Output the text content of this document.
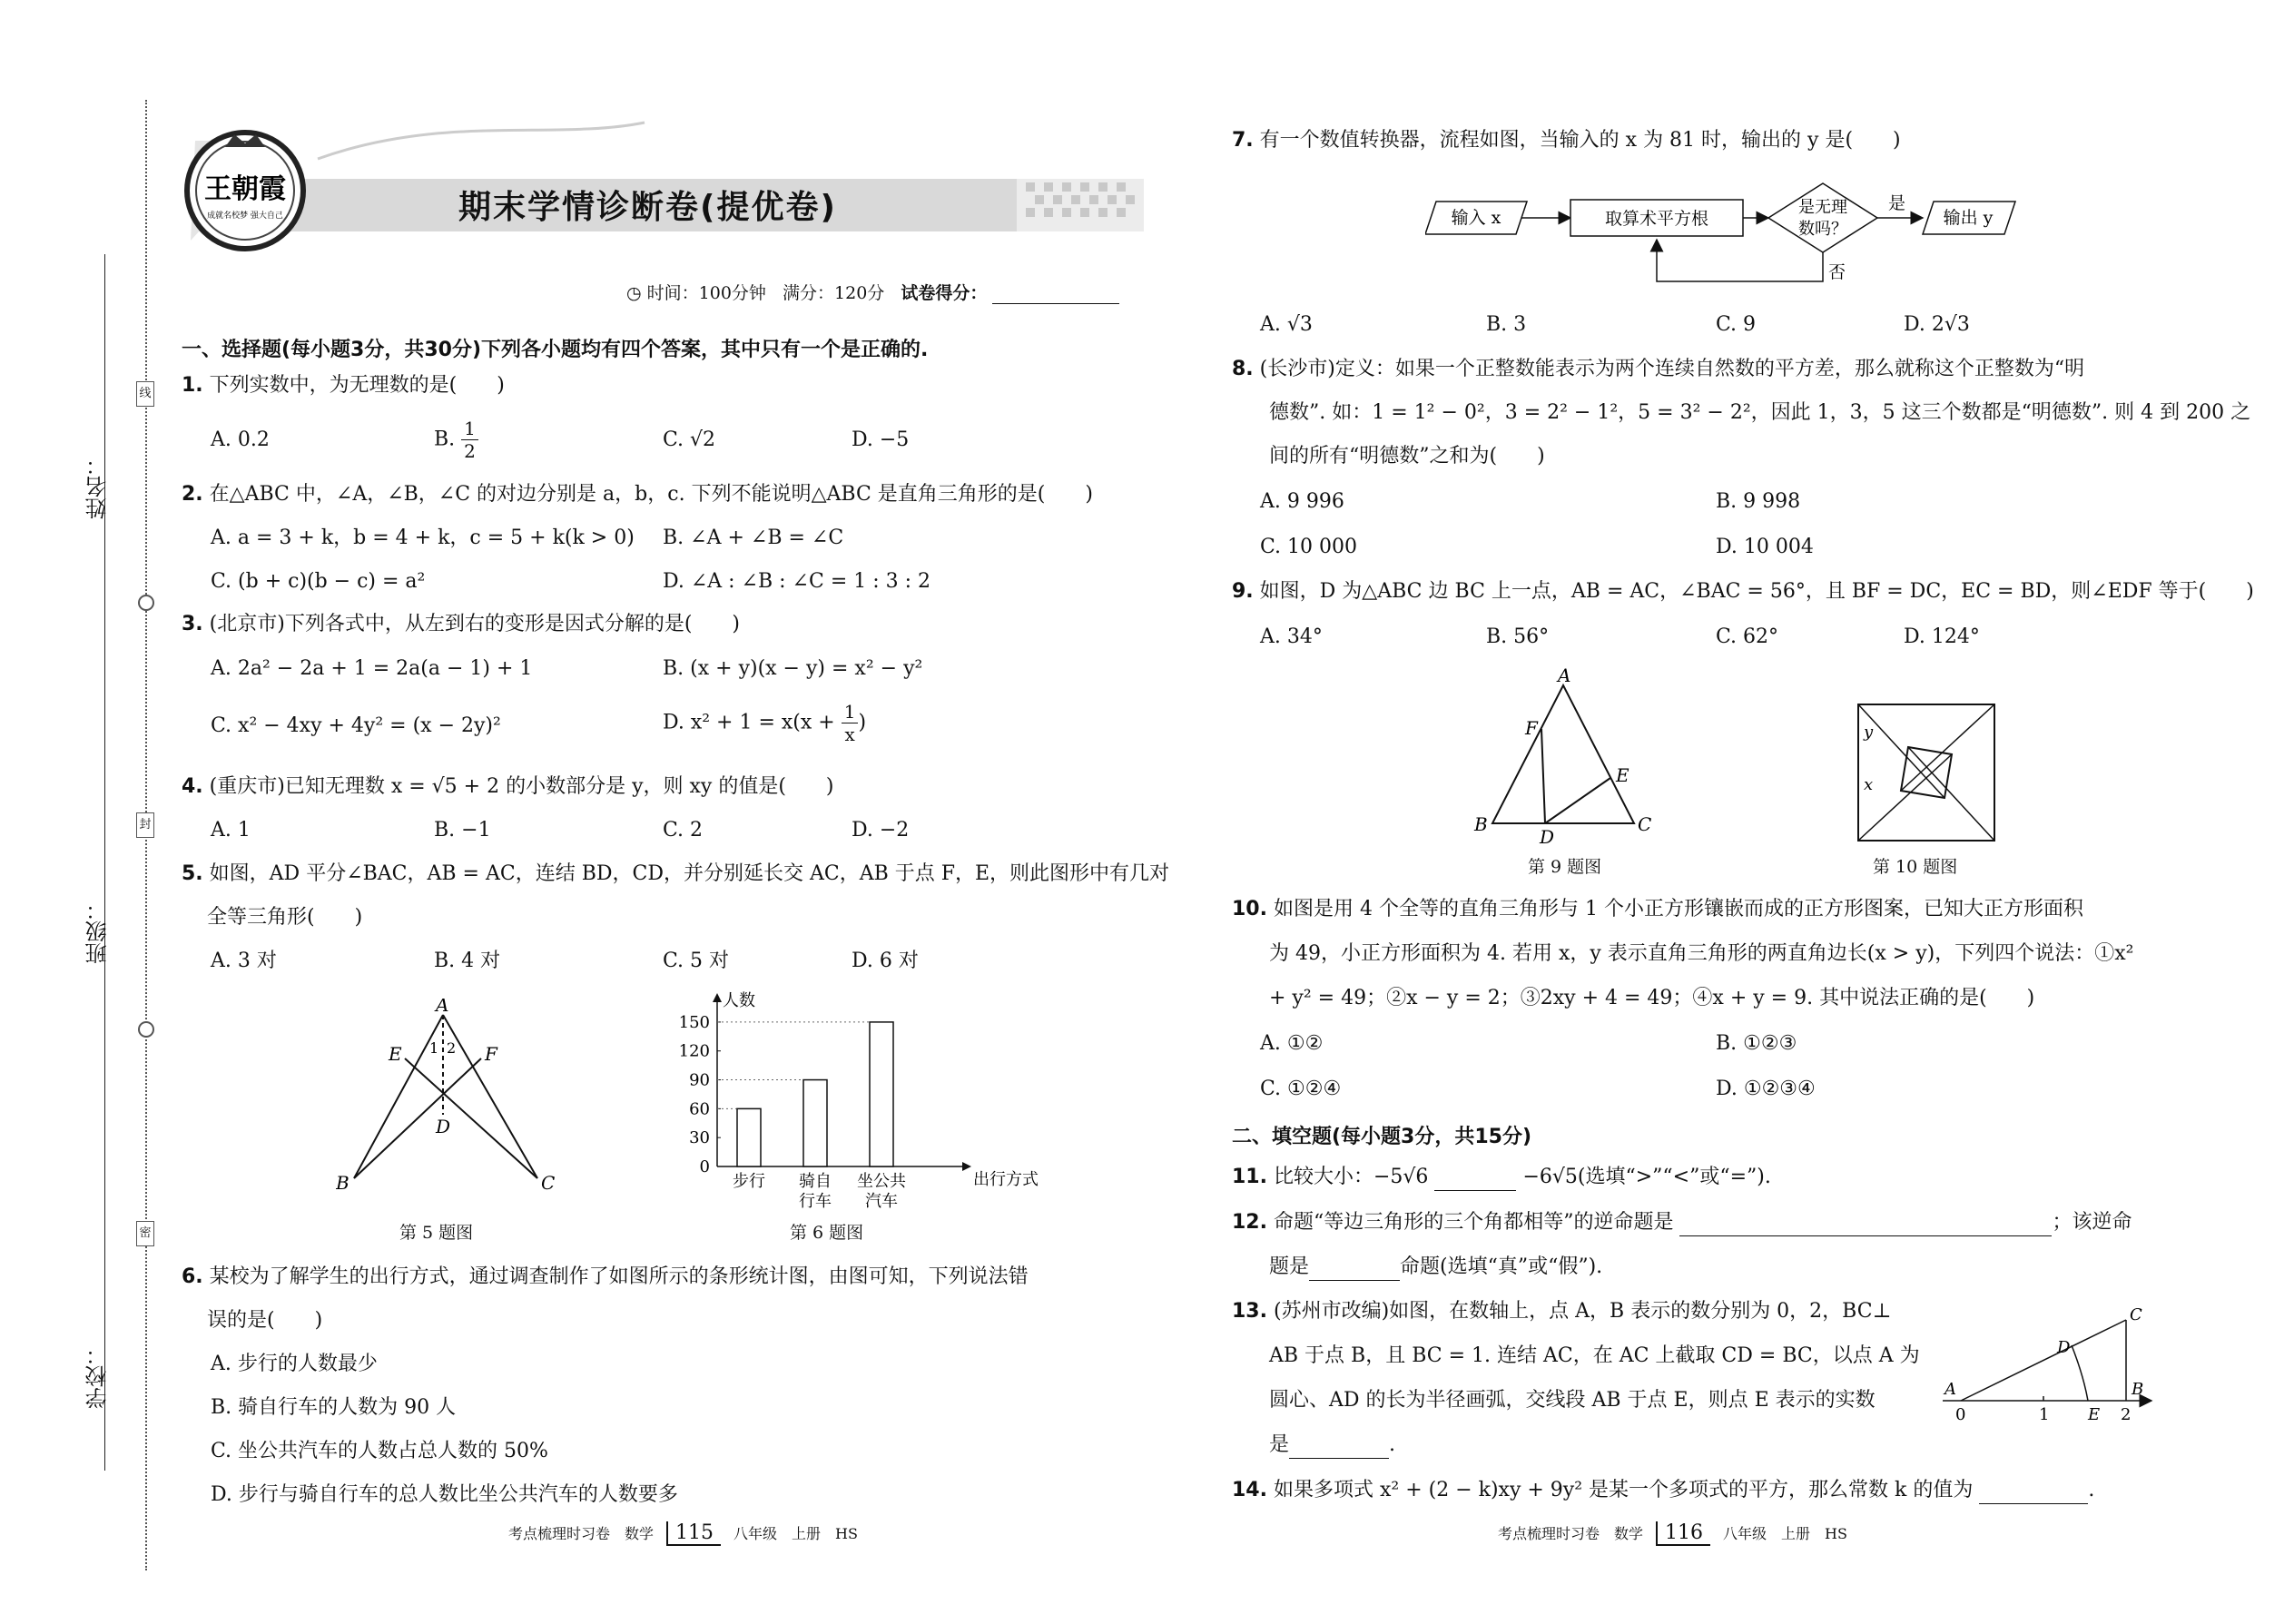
姓名：
班级：
学校：
线
封
密
王朝霞
成就名校梦 强大自己	期末学情诊断卷(提优卷)
◷ 时间：100分钟 满分：120分 试卷得分：
一、选择题(每小题3分，共30分)下列各小题均有四个答案，其中只有一个是正确的.
1. 下列实数中，为无理数的是(　　)
A. 0.2	B. $\frac{1}{2}$	C. √2	D. −5
2. 在△ABC 中，∠A，∠B，∠C 的对边分别是 a，b，c. 下列不能说明△ABC 是直角三角形的是(　　)
A. a = 3 + k，b = 4 + k，c = 5 + k(k > 0) B. ∠A + ∠B = ∠C
C. (b + c)(b − c) = a²	D. ∠A : ∠B : ∠C = 1 : 3 : 2
3. (北京市)下列各式中，从左到右的变形是因式分解的是(　　)
A. 2a² − 2a + 1 = 2a(a − 1) + 1	B. (x + y)(x − y) = x² − y²
C. x² − 4xy + 4y² = (x − 2y)²	D. $x^2 + 1 = x(x + \frac{1}{x}$ )
4. (重庆市)已知无理数 x = √5 + 2 的小数部分是 y，则 xy 的值是(　　)
A. 1	B. −1	C. 2	D. −2
5. 如图，AD 平分∠BAC，AB = AC，连结 BD，CD，并分别延长交 AC，AB 于点 F，E，则此图形中有几对
全等三角形(　　)
A. 3 对	B. 4 对	C. 5 对	D. 6 对
A
B	C
D
E	F
1 2
第 5 题图
人数
出行方式
0
30
60
90
120
150
步行 骑自
行车
坐公共
汽车
第 6 题图
6. 某校为了解学生的出行方式，通过调查制作了如图所示的条形统计图，由图可知，下列说法错
误的是(　　)
A. 步行的人数最少
B. 骑自行车的人数为 90 人
C. 坐公共汽车的人数占总人数的 50%
D. 步行与骑自行车的总人数比坐公共汽车的人数要多
考点梳理时习卷　数学 115 八年级　上册　HS
7. 有一个数值转换器，流程如图，当输入的 x 为 81 时，输出的 y 是(　　)
输入 x	取算术平方根
是无理
数吗？
是
输出 y
否
A. √3	B. 3	C. 9	D. 2√3
8. (长沙市)定义：如果一个正整数能表示为两个连续自然数的平方差，那么就称这个正整数为“明
德数”. 如：1 = 1² − 0²，3 = 2² − 1²，5 = 3² − 2²，因此 1，3，5 这三个数都是“明德数”. 则 4 到 200 之
间的所有“明德数”之和为(　　)
A. 9 996	B. 9 998
C. 10 000	D. 10 004
9. 如图，D 为△ABC 边 BC 上一点，AB = AC，∠BAC = 56°，且 BF = DC，EC = BD，则∠EDF 等于(　　)
A. 34°	B. 56°	C. 62°	D. 124°
A
B	C
D
E
F
第 9 题图
y
x
第 10 题图
10. 如图是用 4 个全等的直角三角形与 1 个小正方形镶嵌而成的正方形图案，已知大正方形面积
为 49，小正方形面积为 4. 若用 x，y 表示直角三角形的两直角边长(x > y)，下列四个说法：①x²
+ y² = 49；②x − y = 2；③2xy + 4 = 49；④x + y = 9. 其中说法正确的是(　　)
A. ①②	B. ①②③
C. ①②④	D. ①②③④
二、填空题(每小题3分，共15分)
11. 比较大小：−5√6	−6√5(选填“>”“<”或“=”).
12. 命题“等边三角形的三个角都相等”的逆命题是	；该逆命
题是	命题(选填“真”或“假”).
13. (苏州市改编)如图，在数轴上，点 A，B 表示的数分别为 0，2，BC⊥
AB 于点 B，且 BC = 1. 连结 AC，在 AC 上截取 CD = BC，以点 A 为
圆心、AD 的长为半径画弧，交线段 AB 于点 E，则点 E 表示的实数
是	.
A	B
C
D
E
0	1	2
14. 如果多项式 x² + (2 − k)xy + 9y² 是某一个多项式的平方，那么常数 k 的值为	.
考点梳理时习卷　数学 116 八年级　上册　HS
